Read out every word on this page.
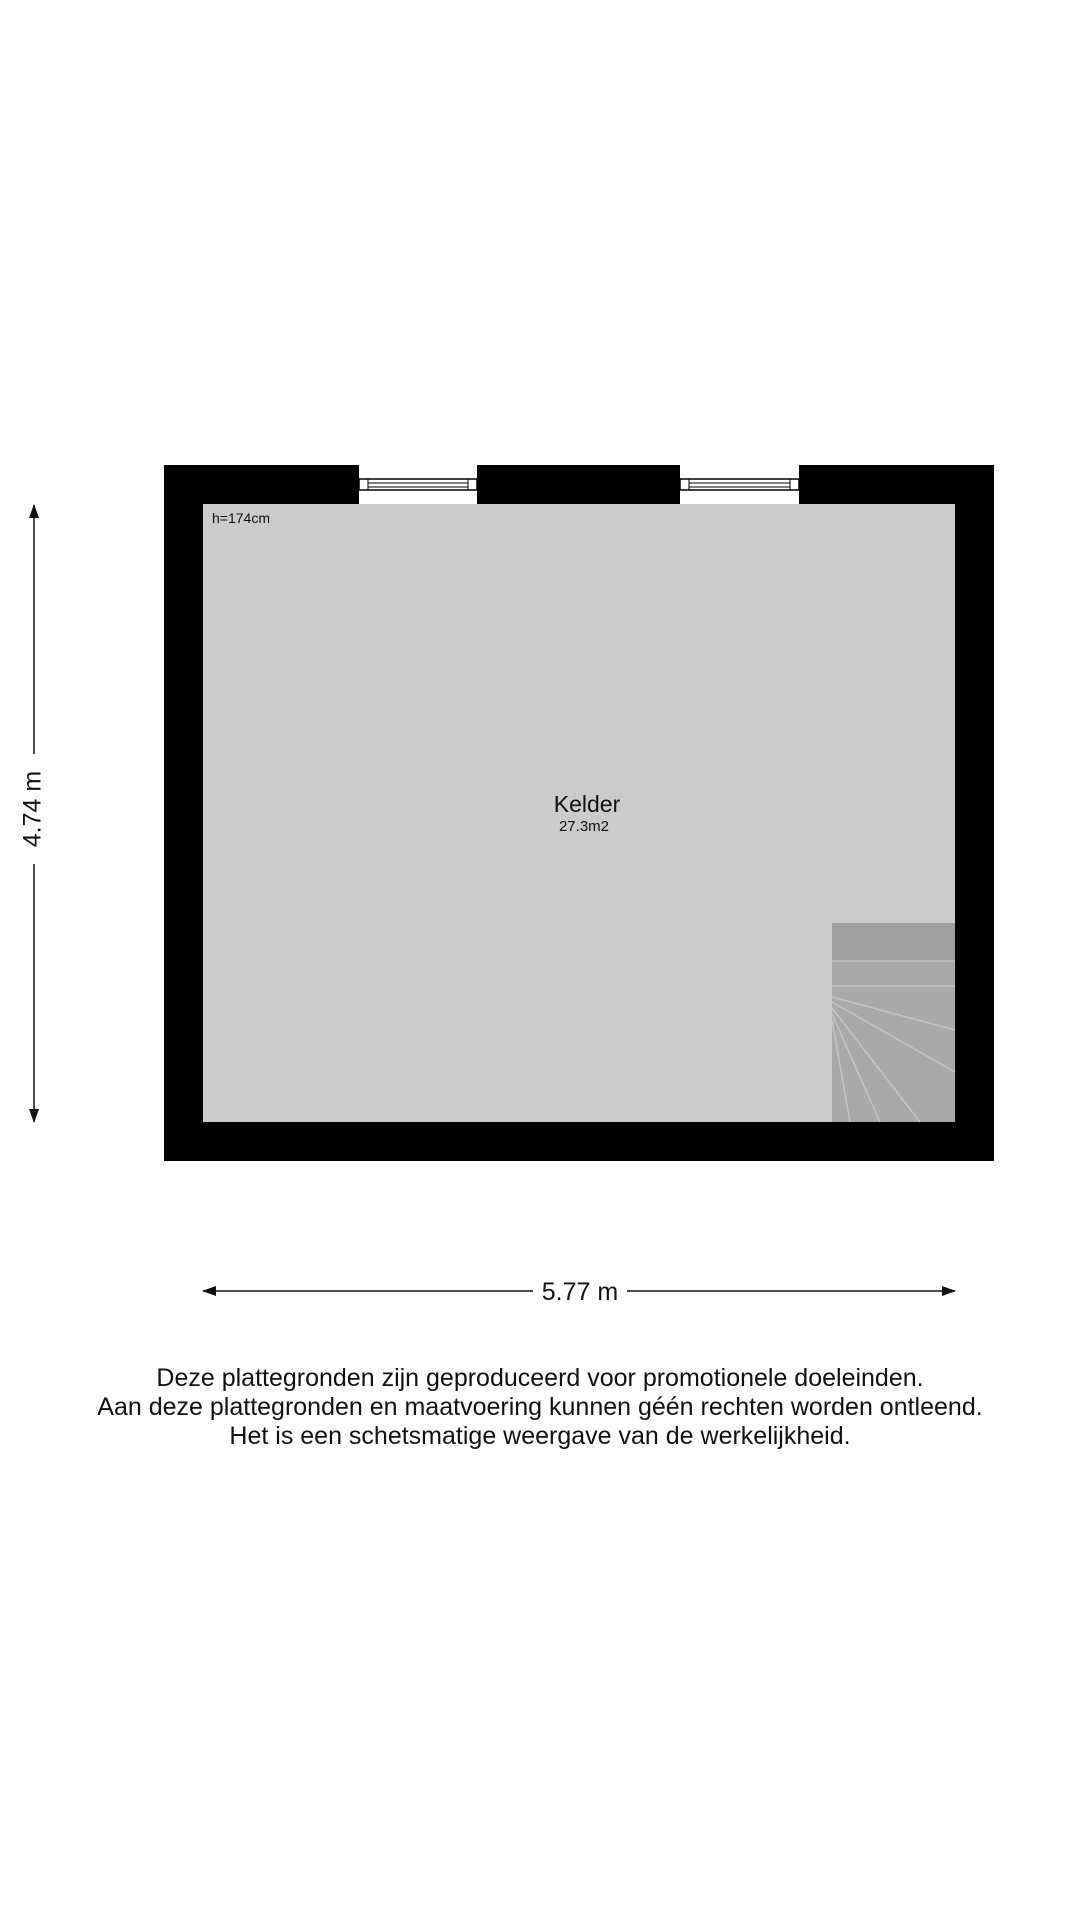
h=174cm
Kelder
27.3m2
4.74 m
5.77 m
Deze plattegronden zijn geproduceerd voor promotionele doeleinden.
Aan deze plattegronden en maatvoering kunnen géén rechten worden ontleend.
Het is een schetsmatige weergave van de werkelijkheid.
